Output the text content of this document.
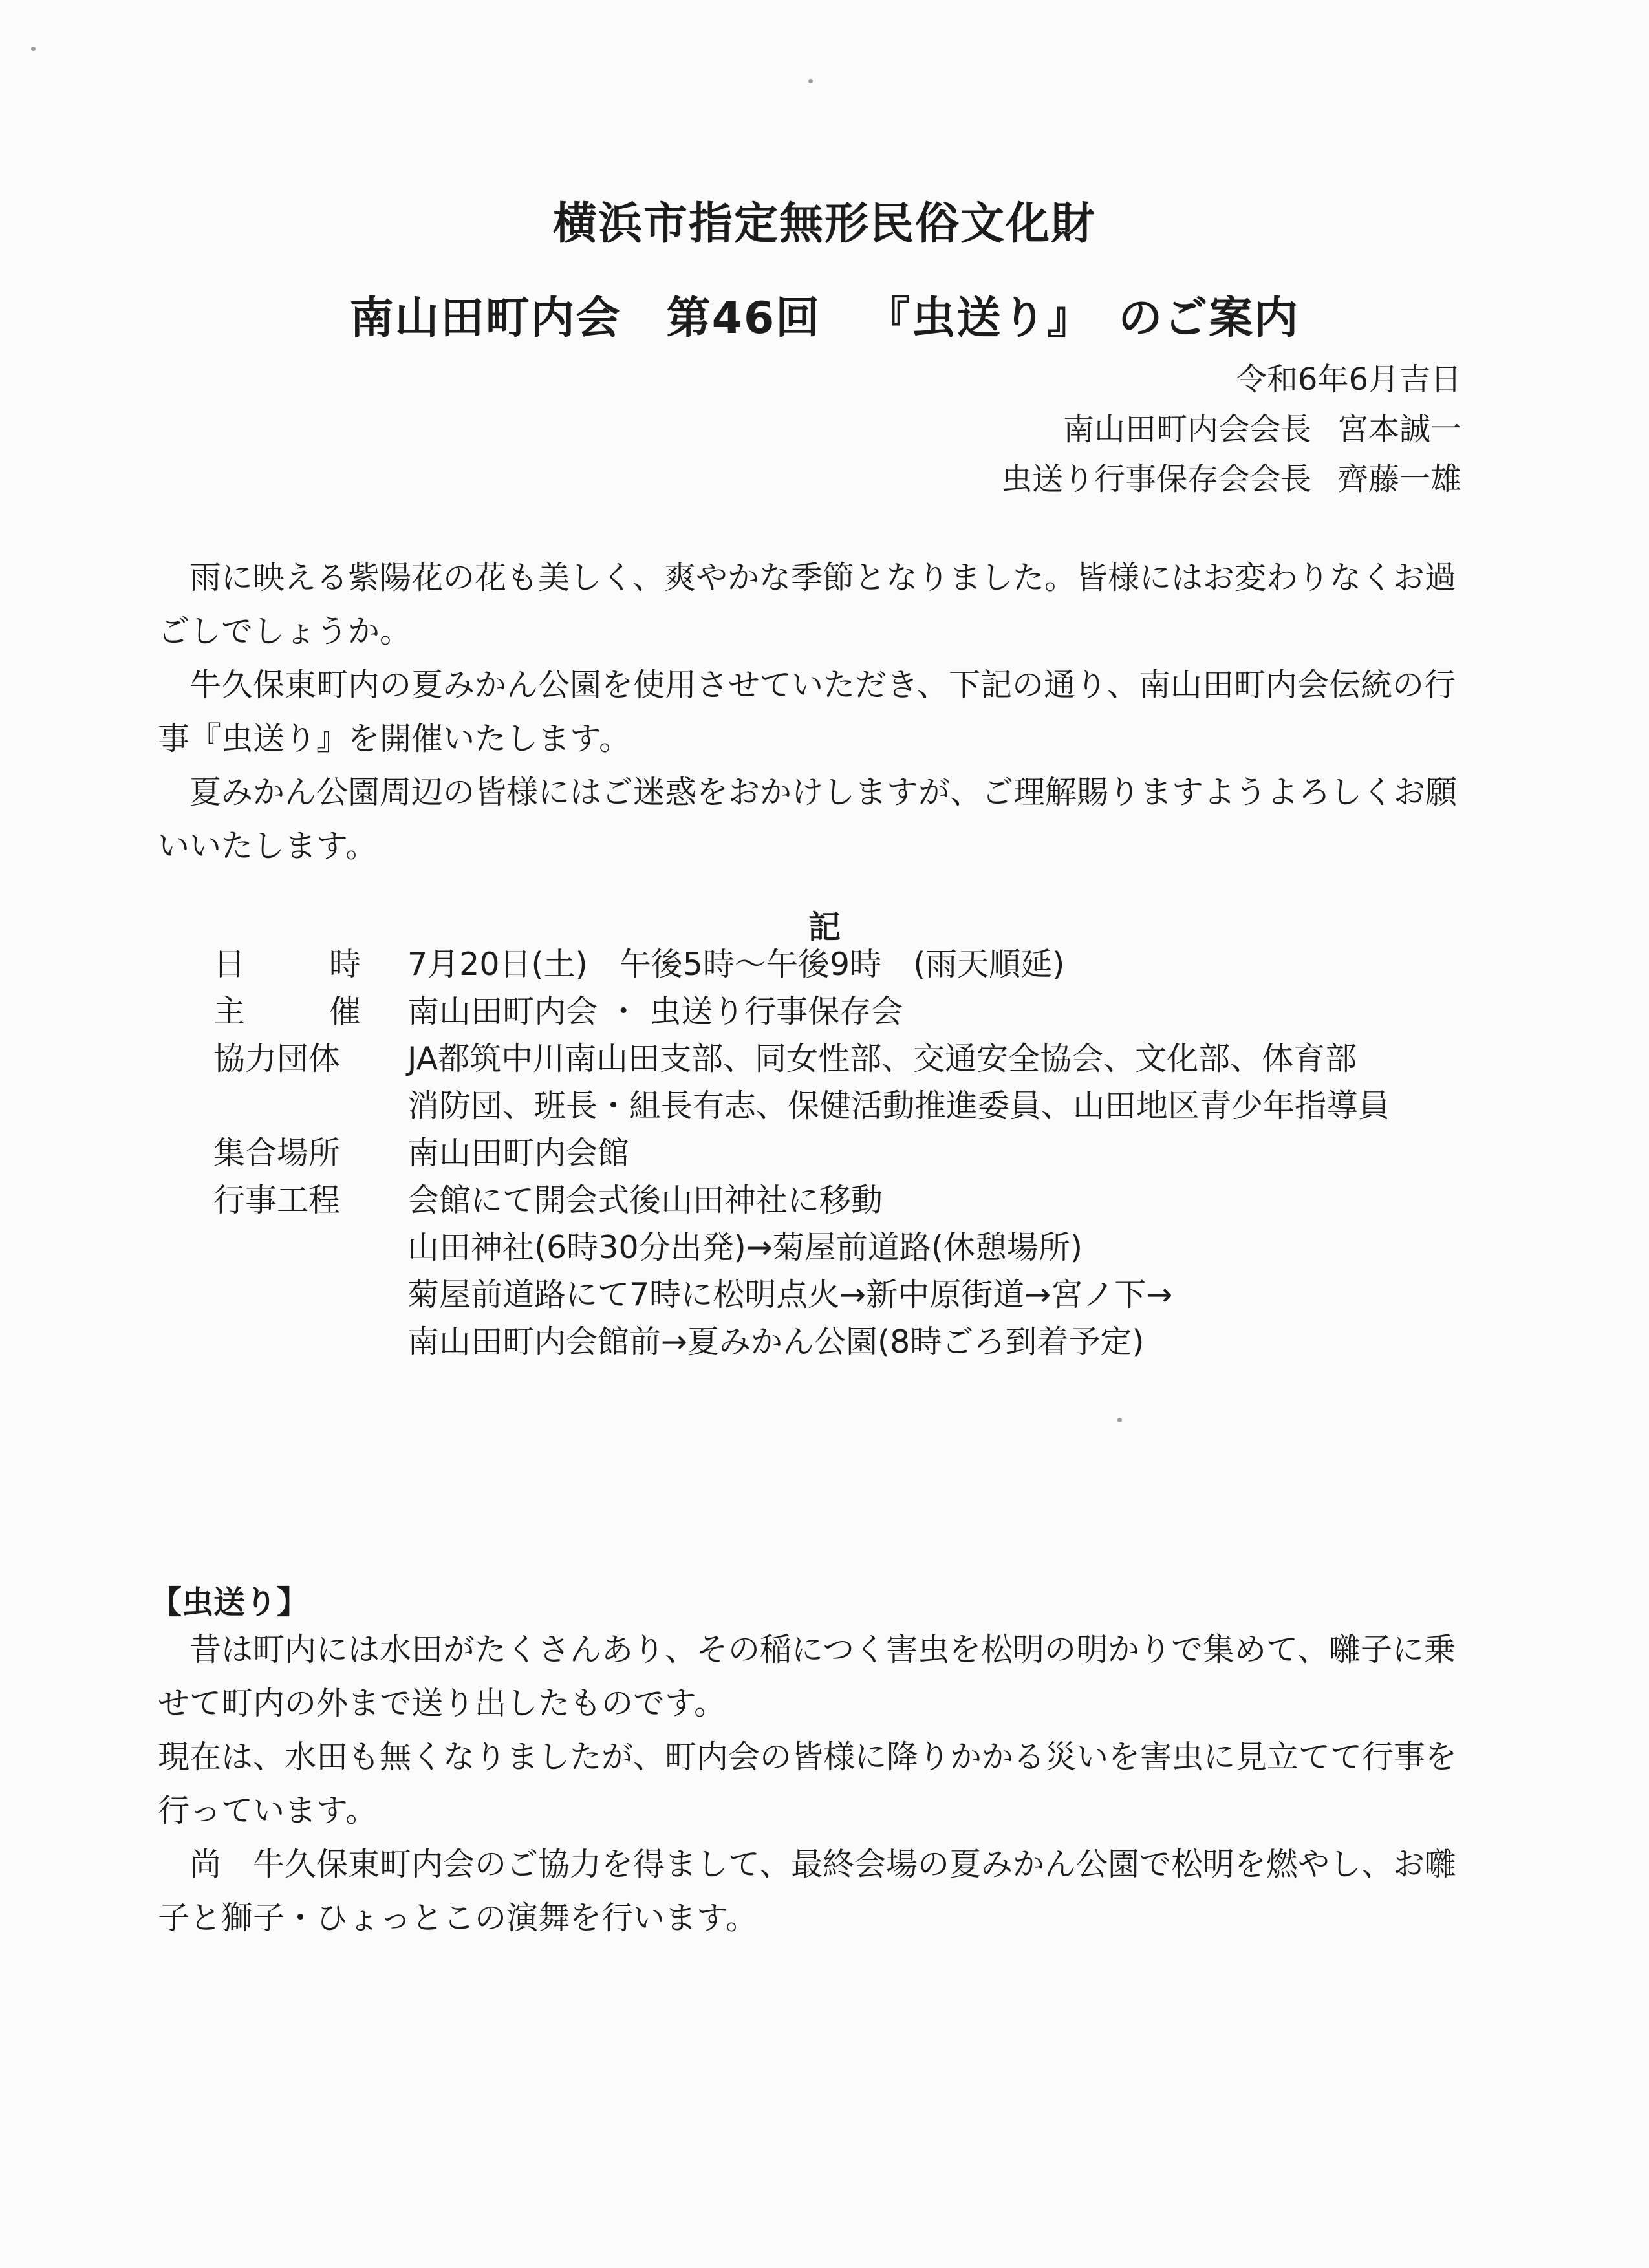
横浜市指定無形民俗文化財
南山田町内会 第46回 『虫送り』 のご案内
令和6年6月吉日
南山田町内会会長 宮本誠一
虫送り行事保存会会長 齊藤一雄

雨に映える紫陽花の花も美しく、爽やかな季節となりました。皆様にはお変わりなくお過ごしでしょうか。

牛久保東町内の夏みかん公園を使用させていただき、下記の通り、南山田町内会伝統の行事『虫送り』を開催いたします。

夏みかん公園周辺の皆様にはご迷惑をおかけしますが、ご理解賜りますようよろしくお願いいたします。

記
日	時 7月20日(土)　午後5時～午後9時　(雨天順延)
主	催 南山田町内会 ・ 虫送り行事保存会
協力団体	JA都筑中川南山田支部、同女性部、交通安全協会、文化部、体育部
消防団、班長・組長有志、保健活動推進委員、山田地区青少年指導員
集合場所	南山田町内会館
行事工程	会館にて開会式後山田神社に移動
山田神社(6時30分出発)→菊屋前道路(休憩場所)
菊屋前道路にて7時に松明点火→新中原街道→宮ノ下→
南山田町内会館前→夏みかん公園(8時ごろ到着予定)
【虫送り】

昔は町内には水田がたくさんあり、その稲につく害虫を松明の明かりで集めて、囃子に乗せて町内の外まで送り出したものです。

現在は、水田も無くなりましたが、町内会の皆様に降りかかる災いを害虫に見立てて行事を行っています。

尚　牛久保東町内会のご協力を得まして、最終会場の夏みかん公園で松明を燃やし、お囃子と獅子・ひょっとこの演舞を行います。
